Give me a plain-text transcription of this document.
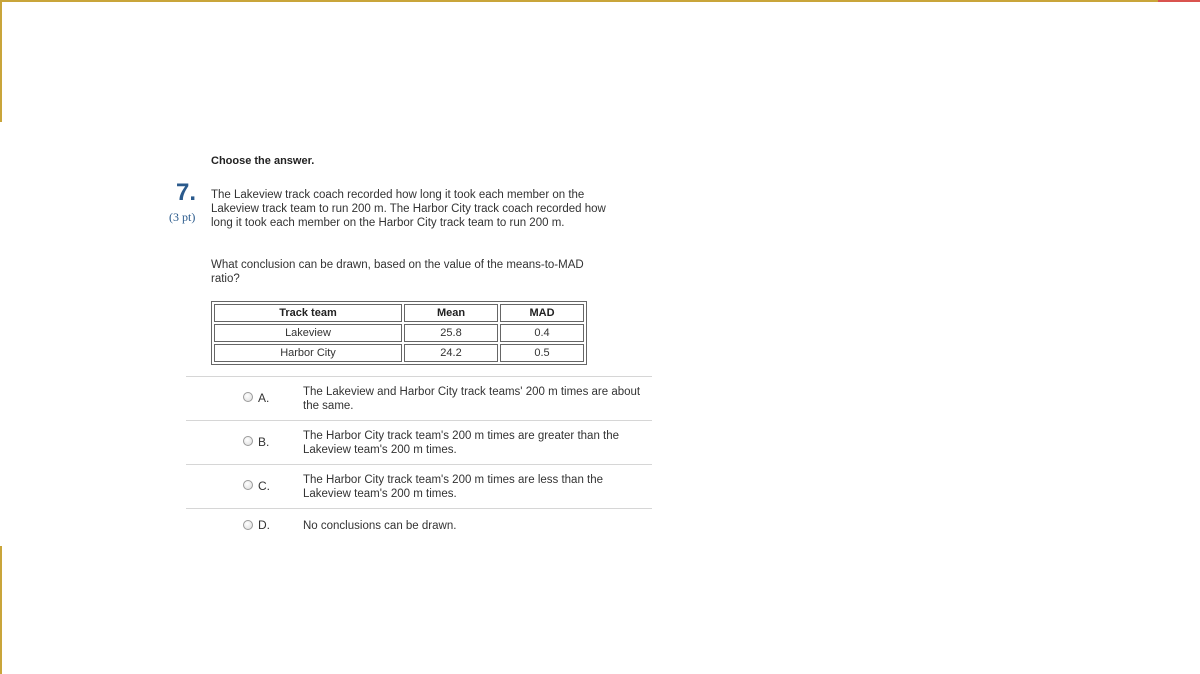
Choose the answer.
7.
(3 pt)
The Lakeview track coach recorded how long it took each member on the Lakeview track team to run 200 m. The Harbor City track coach recorded how long it took each member on the Harbor City track team to run 200 m.
What conclusion can be drawn, based on the value of the means-to-MAD ratio?
Track team	Mean	MAD
Lakeview	25.8	0.4
Harbor City	24.2	0.5
A.	The Lakeview and Harbor City track teams' 200 m times are about the same.
B.	The Harbor City track team's 200 m times are greater than the Lakeview team's 200 m times.
C.	The Harbor City track team's 200 m times are less than the Lakeview team's 200 m times.
D.	No conclusions can be drawn.
